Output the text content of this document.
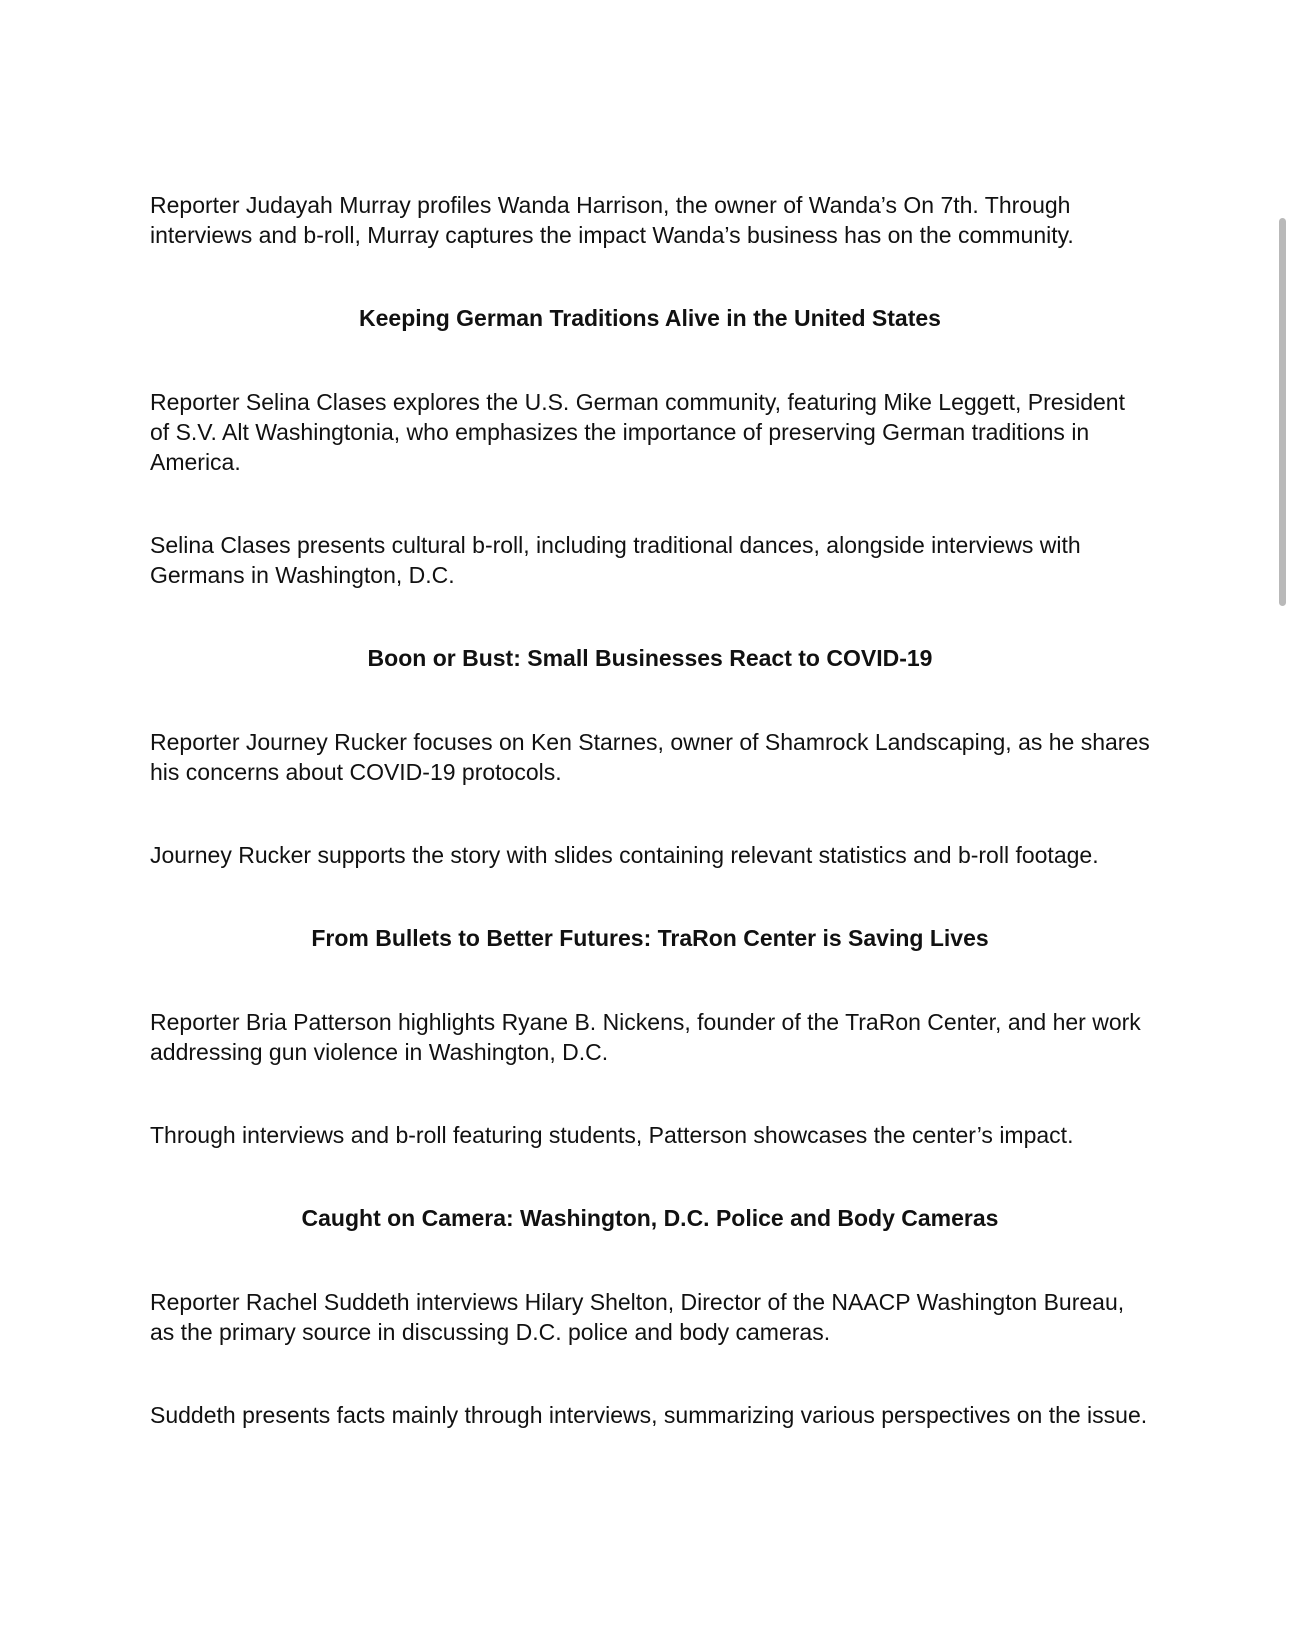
Reporter Judayah Murray profiles Wanda Harrison, the owner of Wanda’s On 7th. Through interviews and b-roll, Murray captures the impact Wanda’s business has on the community.

Keeping German Traditions Alive in the United States

Reporter Selina Clases explores the U.S. German community, featuring Mike Leggett, President of S.V. Alt Washingtonia, who emphasizes the importance of preserving German traditions in America.

Selina Clases presents cultural b-roll, including traditional dances, alongside interviews with Germans in Washington, D.C.

Boon or Bust: Small Businesses React to COVID-19

Reporter Journey Rucker focuses on Ken Starnes, owner of Shamrock Landscaping, as he shares his concerns about COVID-19 protocols.

Journey Rucker supports the story with slides containing relevant statistics and b-roll footage.

From Bullets to Better Futures: TraRon Center is Saving Lives

Reporter Bria Patterson highlights Ryane B. Nickens, founder of the TraRon Center, and her work addressing gun violence in Washington, D.C.

Through interviews and b-roll featuring students, Patterson showcases the center’s impact.

Caught on Camera: Washington, D.C. Police and Body Cameras

Reporter Rachel Suddeth interviews Hilary Shelton, Director of the NAACP Washington Bureau, as the primary source in discussing D.C. police and body cameras.

Suddeth presents facts mainly through interviews, summarizing various perspectives on the issue.
